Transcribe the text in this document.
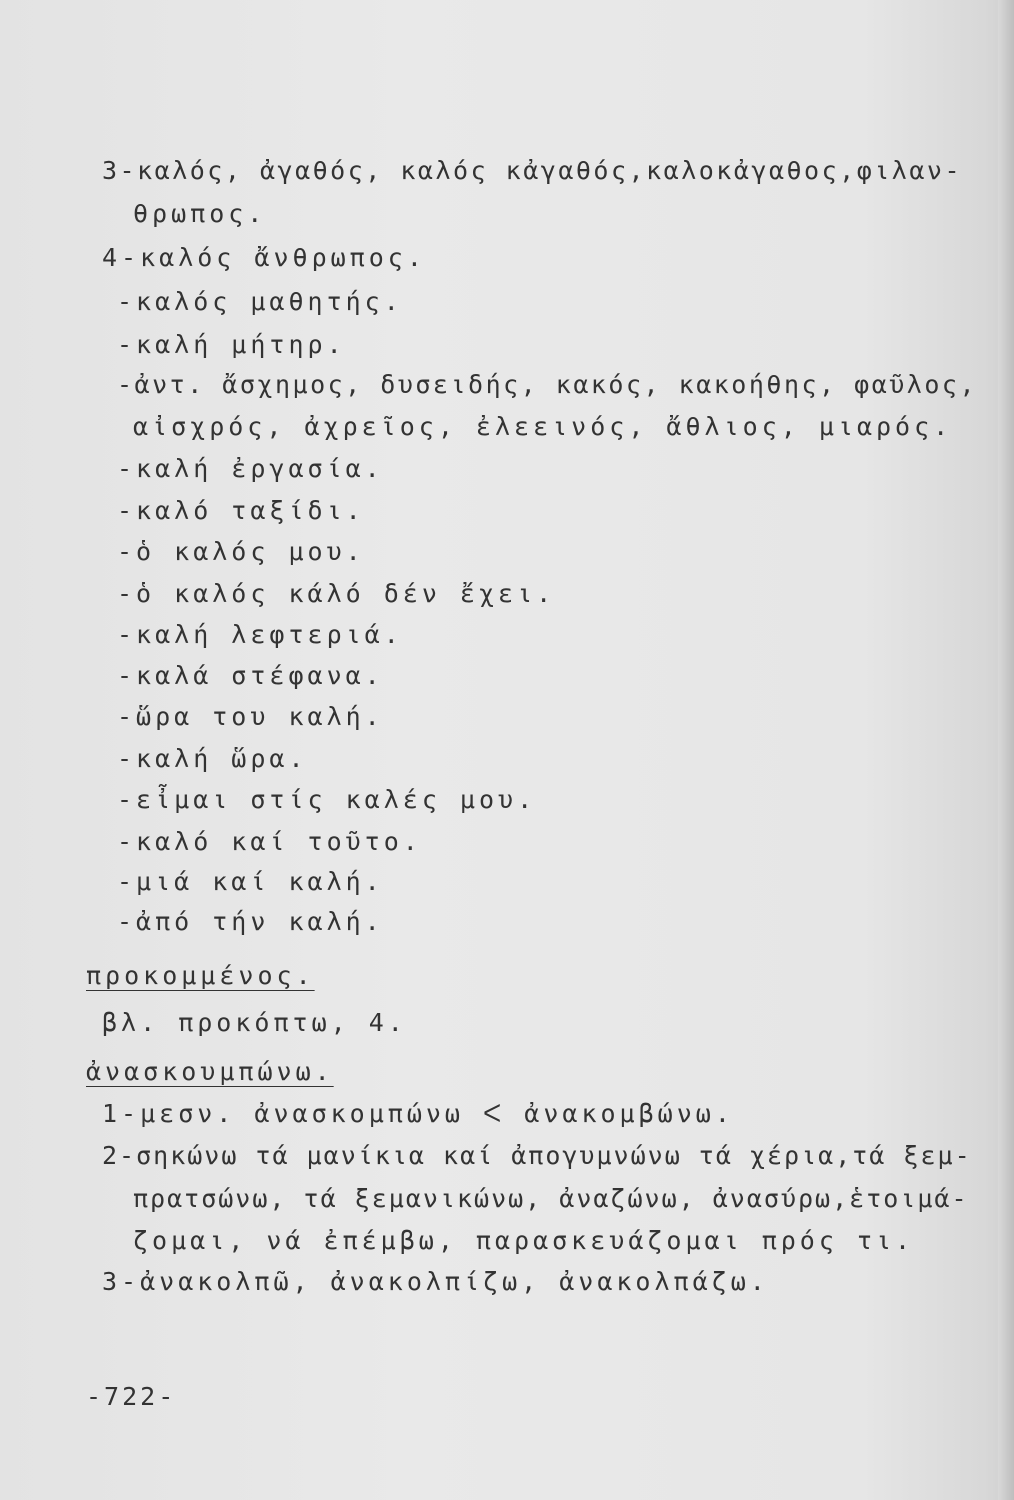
3-καλός, ἀγαθός, καλός κἀγαθός,καλοκἀγαθος,φιλαν-
θρωπος.
4-καλός ἄνθρωπος.
-καλός μαθητής.
-καλή μήτηρ.
-ἀντ. ἄσχημος, δυσειδής, κακός, κακοήθης, φαῦλος,
αἰσχρός, ἀχρεῖος, ἐλεεινός, ἄθλιος, μιαρός.
-καλή ἐργασία.
-καλό ταξίδι.
-ὁ καλός μου.
-ὁ καλός κάλό δέν ἔχει.
-καλή λεφτεριά.
-καλά στέφανα.
-ὥρα του καλή.
-καλή ὥρα.
-εἶμαι στίς καλές μου.
-καλό καί τοῦτο.
-μιά καί καλή.
-ἀπό τήν καλή.
προκομμένος.
βλ. προκόπτω, 4.
ἀνασκουμπώνω.
1-μεσν. ἀνασκομπώνω ᐸ ἀνακομβώνω.
2-σηκώνω τά μανίκια καί ἀπογυμνώνω τά χέρια,τά ξεμ-
πρατσώνω, τά ξεμανικώνω, ἀναζώνω, ἀνασύρω,ἑτοιμά-
ζομαι, νά ἐπέμβω, παρασκευάζομαι πρός τι.
3-ἀνακολπῶ, ἀνακολπίζω, ἀνακολπάζω.
-722-
